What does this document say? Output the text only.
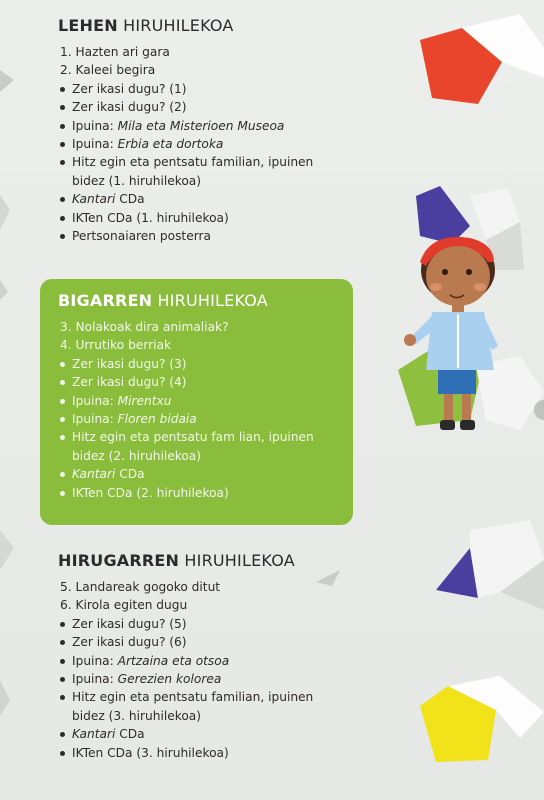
LEHEN HIRUHILEKOA
1. Hazten ari gara
2. Kaleei begira
Zer ikasi dugu? (1)
Zer ikasi dugu? (2)
Ipuina: Mila eta Misterioen Museoa
Ipuina: Erbia eta dortoka
Hitz egin eta pentsatu familian, ipuinen bidez (1. hiruhilekoa)
Kantari CDa
IKTen CDa (1. hiruhilekoa)
Pertsonaiaren posterra
BIGARREN HIRUHILEKOA
3. Nolakoak dira animaliak?
4. Urrutiko berriak
Zer ikasi dugu? (3)
Zer ikasi dugu? (4)
Ipuina: Mirentxu
Ipuina: Floren bidaia
Hitz egin eta pentsatu fam lian, ipuinen bidez (2. hiruhilekoa)
Kantari CDa
IKTen CDa (2. hiruhilekoa)
HIRUGARREN HIRUHILEKOA
5. Landareak gogoko ditut
6. Kirola egiten dugu
Zer ikasi dugu? (5)
Zer ikasi dugu? (6)
Ipuina: Artzaina eta otsoa
Ipuina: Gerezien kolorea
Hitz egin eta pentsatu familian, ipuinen bidez (3. hiruhilekoa)
Kantari CDa
IKTen CDa (3. hiruhilekoa)
